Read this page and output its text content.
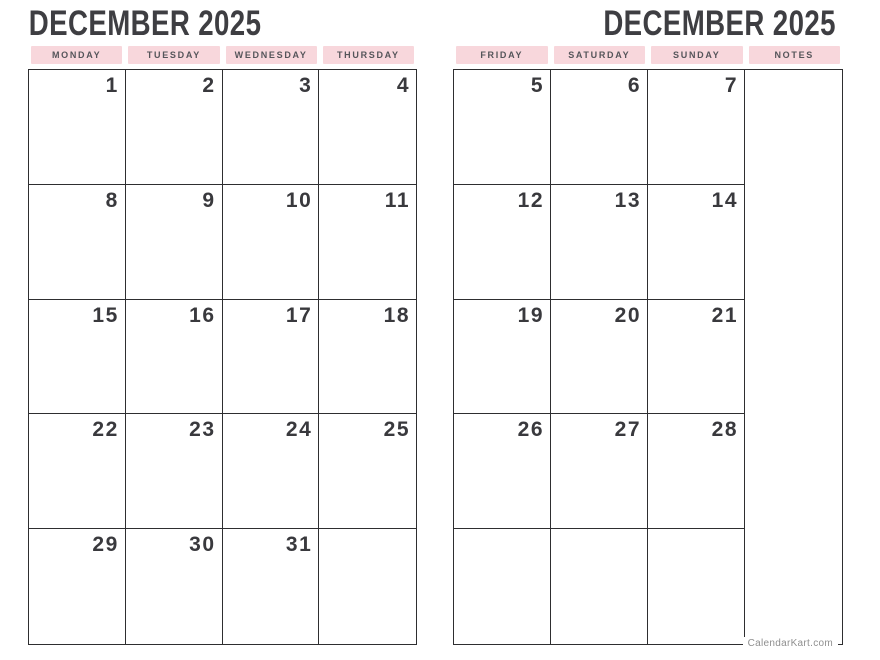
DECEMBER 2025
MONDAY	TUESDAY	WEDNESDAY	THURSDAY
1	2	3	4
8	9	10	11
15	16	17	18
22	23	24	25
29	30	31
DECEMBER 2025
FRIDAY	SATURDAY	SUNDAY	NOTES
5	6	7
12	13	14
19	20	21
26	27	28
CalendarKart.com
